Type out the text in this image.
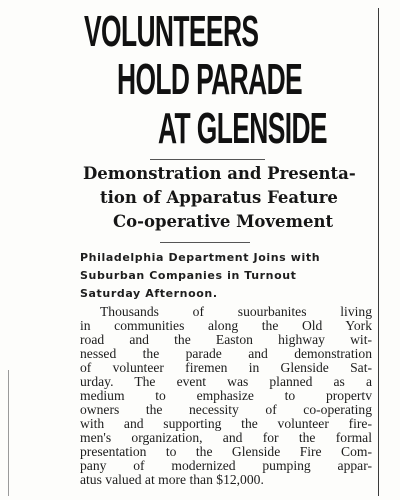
VOLUNTEERS
HOLD PARADE
AT GLENSIDE
Demonstration and Presenta-
tion of Apparatus Feature
Co-operative Movement
Philadelphia Department Joins with
Suburban Companies in Turnout
Saturday Afternoon.
Thousands of suourbanites living
in communities along the Old York
road and the Easton highway wit-
nessed the parade and demonstration
of volunteer firemen in Glenside Sat-
urday. The event was planned as a
medium to emphasize to propertv
owners the necessity of co-operating
with and supporting the volunteer fire-
men's organization, and for the formal
presentation to the Glenside Fire Com-
pany of modernized pumping appar-
atus valued at more than $12,000.
